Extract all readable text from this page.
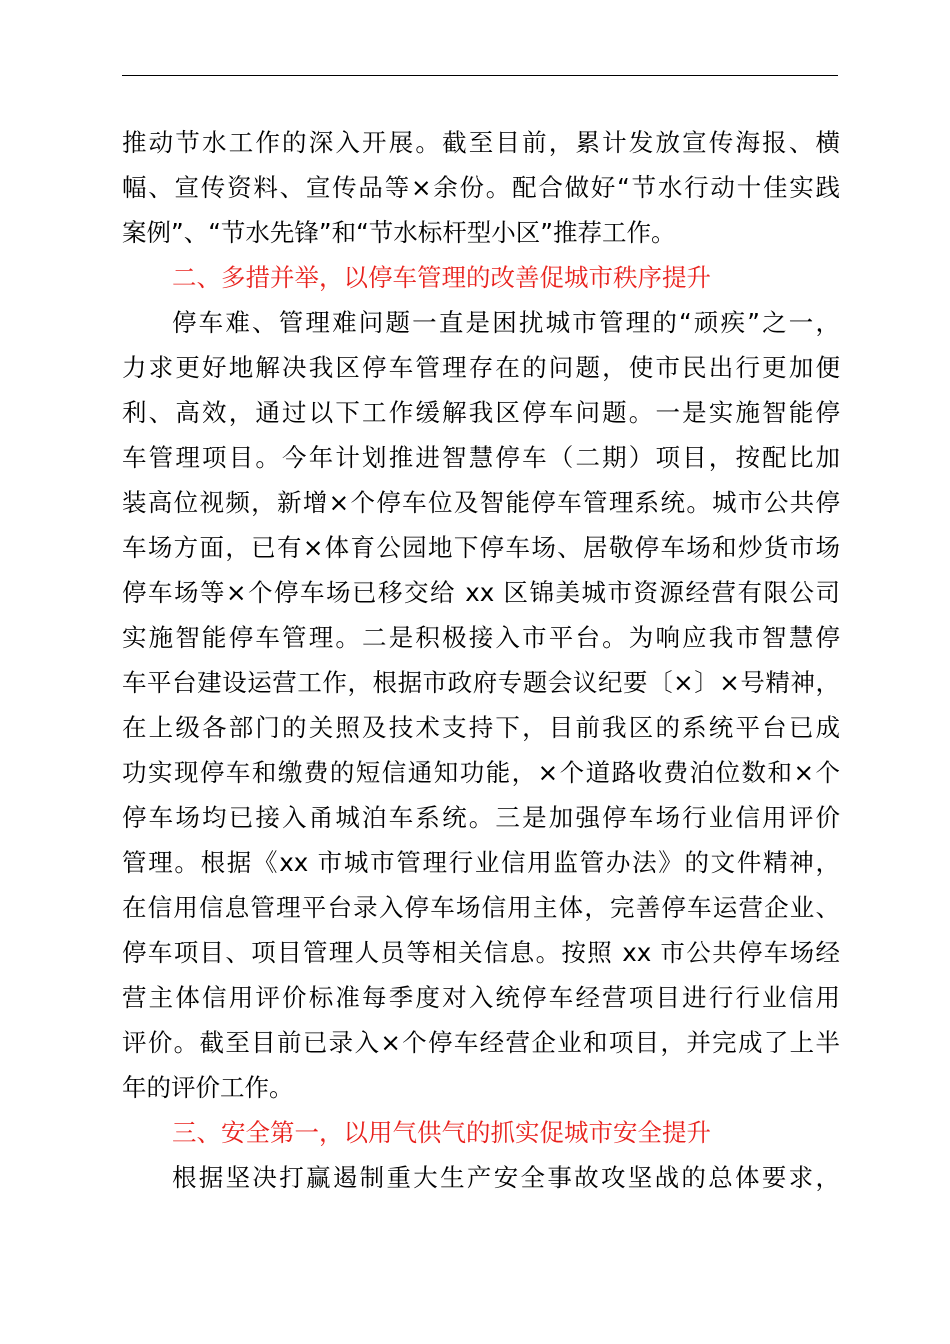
推动节水工作的深入开展。截至目前，累计发放宣传海报、横
幅、宣传资料、宣传品等×余份。配合做好“节水行动十佳实践
案例”、“节水先锋”和“节水标杆型小区”推荐工作。
二、多措并举，以停车管理的改善促城市秩序提升
停车难、管理难问题一直是困扰城市管理的“顽疾”之一，
力求更好地解决我区停车管理存在的问题，使市民出行更加便
利、高效，通过以下工作缓解我区停车问题。一是实施智能停
车管理项目。今年计划推进智慧停车（二期）项目，按配比加
装高位视频，新增×个停车位及智能停车管理系统。城市公共停
车场方面，已有×体育公园地下停车场、居敬停车场和炒货市场
停车场等×个停车场已移交给 xx 区锦美城市资源经营有限公司
实施智能停车管理。二是积极接入市平台。为响应我市智慧停
车平台建设运营工作，根据市政府专题会议纪要〔×〕×号精神，
在上级各部门的关照及技术支持下，目前我区的系统平台已成
功实现停车和缴费的短信通知功能，×个道路收费泊位数和×个
停车场均已接入甬城泊车系统。三是加强停车场行业信用评价
管理。根据《xx 市城市管理行业信用监管办法》的文件精神，
在信用信息管理平台录入停车场信用主体，完善停车运营企业、
停车项目、项目管理人员等相关信息。按照 xx 市公共停车场经
营主体信用评价标准每季度对入统停车经营项目进行行业信用
评价。截至目前已录入×个停车经营企业和项目，并完成了上半
年的评价工作。
三、安全第一，以用气供气的抓实促城市安全提升
根据坚决打赢遏制重大生产安全事故攻坚战的总体要求，
